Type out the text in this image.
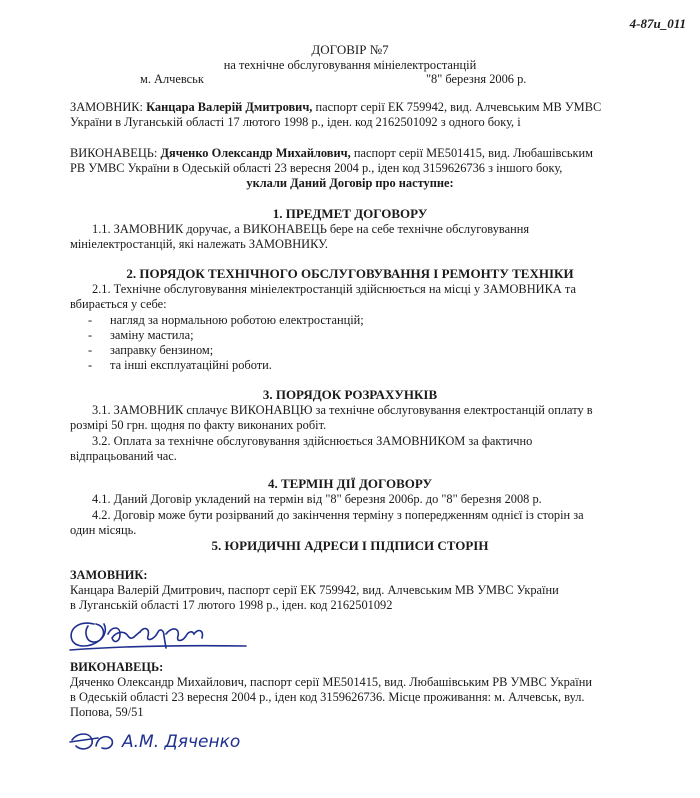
4-87и_011
ДОГОВІР №7
на технічне обслуговування мініелектростанцій
м. Алчевськ	"8" березня 2006 р.
ЗАМОВНИК: Канцара Валерій Дмитрович, паспорт серії ЕК 759942, вид. Алчевським МВ УМВС
України в Луганській області 17 лютого 1998 р., іден. код 2162501092 з одного боку, і
ВИКОНАВЕЦЬ: Дяченко Олександр Михайлович, паспорт серії МЕ501415, вид. Любашівським
РВ УМВС України в Одеській області 23 вересня 2004 р., іден код 3159626736 з іншого боку,
уклали Даний Договір про наступне:
1. ПРЕДМЕТ ДОГОВОРУ
1.1. ЗАМОВНИК доручає, а ВИКОНАВЕЦЬ бере на себе технічне обслуговування
мініелектростанцій, які належать ЗАМОВНИКУ.
2. ПОРЯДОК ТЕХНІЧНОГО ОБСЛУГОВУВАННЯ І РЕМОНТУ ТЕХНІКИ
2.1. Технічне обслуговування мініелектростанцій здійснюється на місці у ЗАМОВНИКА та
вбирається у себе:
- нагляд за нормальною роботою електростанцій;
- заміну мастила;
- заправку бензином;
- та інші експлуатаційні роботи.
3. ПОРЯДОК РОЗРАХУНКІВ
3.1. ЗАМОВНИК сплачує ВИКОНАВЦЮ за технічне обслуговування електростанцій оплату в
розмірі 50 грн. щодня по факту виконаних робіт.
3.2. Оплата за технічне обслуговування здійснюється ЗАМОВНИКОМ за фактично
відпрацьований час.
4. ТЕРМІН ДІЇ ДОГОВОРУ
4.1. Даний Договір укладений на термін від "8" березня 2006р. до "8" березня 2008 р.
4.2. Договір може бути розірваний до закінчення терміну з попередженням однієї із сторін за
один місяць.
5. ЮРИДИЧНІ АДРЕСИ І ПІДПИСИ СТОРІН
ЗАМОВНИК:
Канцара Валерій Дмитрович, паспорт серії ЕК 759942, вид. Алчевським МВ УМВС України
в Луганській області 17 лютого 1998 р., іден. код 2162501092
ВИКОНАВЕЦЬ:
Дяченко Олександр Михайлович, паспорт серії МЕ501415, вид. Любашівським РВ УМВС України
в Одеській області 23 вересня 2004 р., іден код 3159626736. Місце проживання: м. Алчевськ, вул.
Попова, 59/51
А.М. Дяченко
